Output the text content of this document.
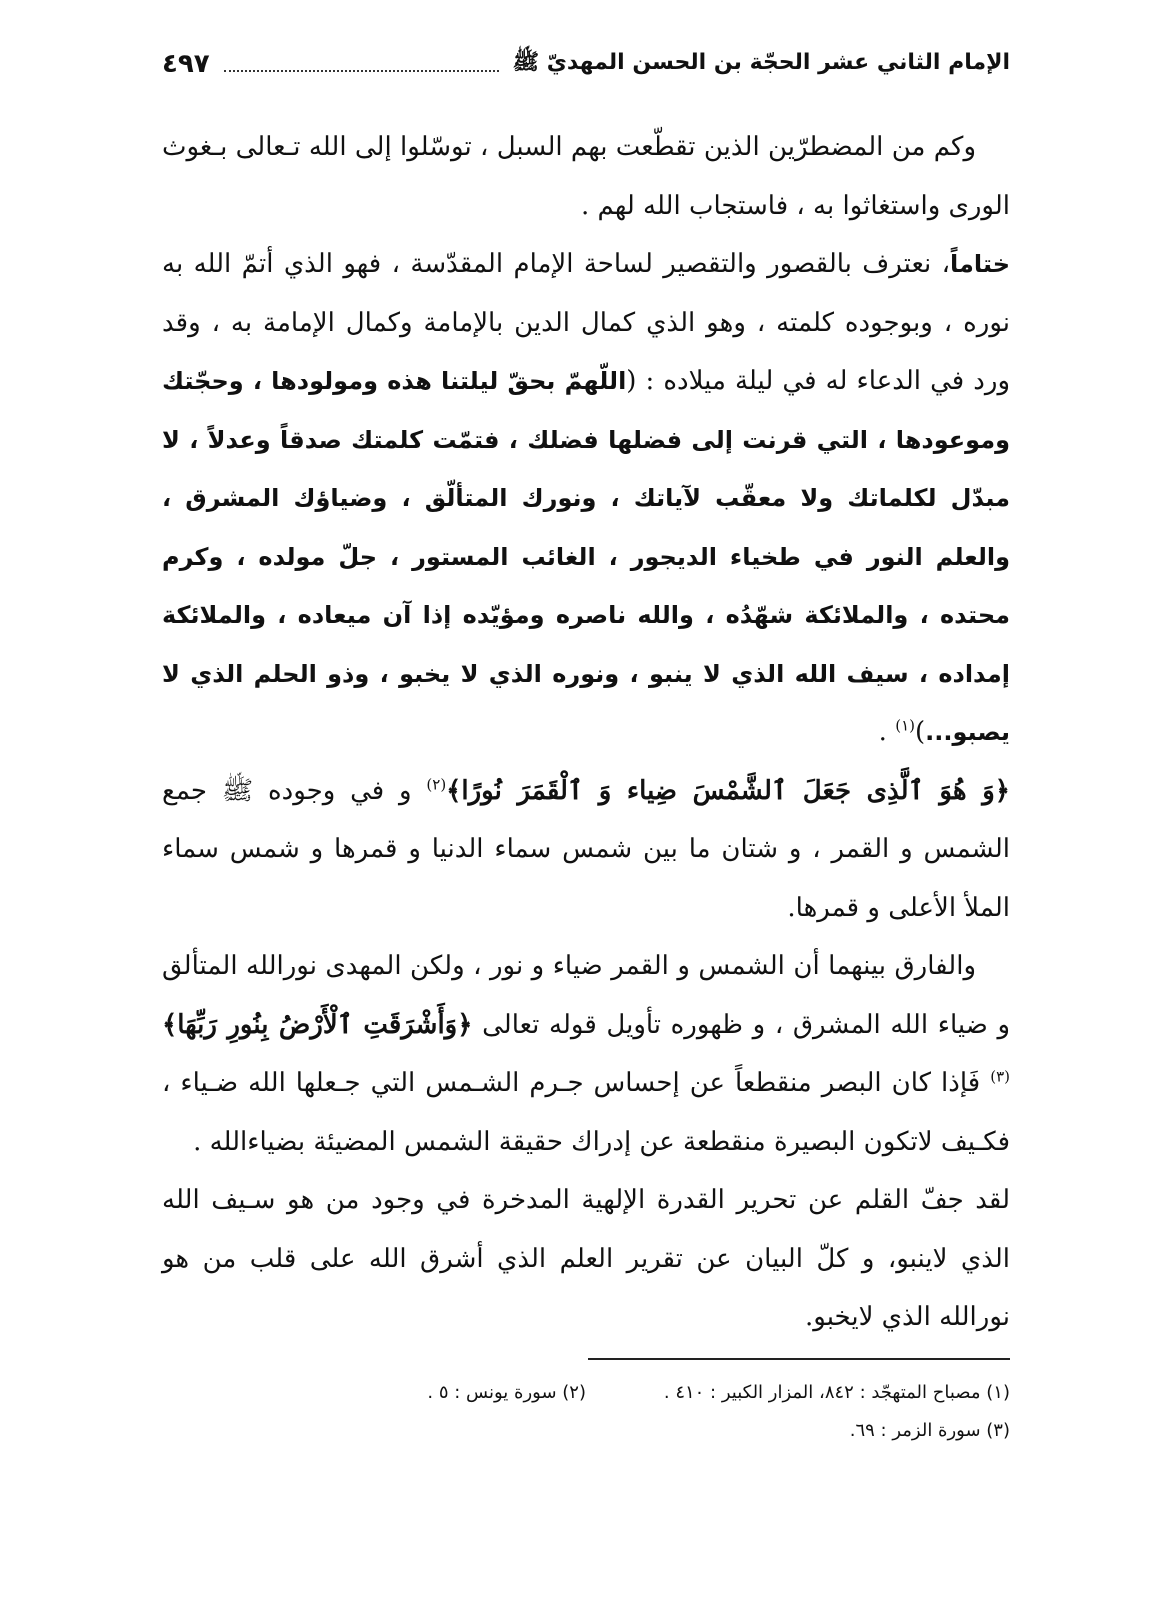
الإمام الثاني عشر الحجّة بن الحسن المهديّ ﷺ
٤٩٧

وكم من المضطرّين الذين تقطّعت بهم السبل ، توسّلوا إلى الله تـعالى بـغوث الورى واستغاثوا به ، فاستجاب الله لهم .

ختاماً، نعترف بالقصور والتقصير لساحة الإمام المقدّسة ، فهو الذي أتمّ الله به نوره ، وبوجوده كلمته ، وهو الذي كمال الدين بالإمامة وكمال الإمامة به ، وقد ورد في الدعاء له في ليلة ميلاده : (اللّهمّ بحقّ ليلتنا هذه ومولودها ، وحجّتك وموعودها ، التي قرنت إلى فضلها فضلك ، فتمّت كلمتك صدقاً وعدلاً ، لا مبدّل لكلماتك ولا معقّب لآياتك ، ونورك المتألّق ، وضياؤك المشرق ، والعلم النور في طخياء الديجور ، الغائب المستور ، جلّ مولده ، وكرم محتده ، والملائكة شهّدُه ، والله ناصره ومؤيّده إذا آن ميعاده ، والملائكة إمداده ، سيف الله الذي لا ينبو ، ونوره الذي لا يخبو ، وذو الحلم الذي لا يصبو...)$^{(١)}$ .

﴿وَ هُوَ ٱلَّذِى جَعَلَ ٱلشَّمْسَ ضِياء وَ ٱلْقَمَرَ نُورًا﴾$^{(٢)}$ و في وجوده ﷺ جمع الشمس و القمر ، و شتان ما بين شمس سماء الدنيا و قمرها و شمس سماء الملأ الأعلى و قمرها.

والفارق بينهما أن الشمس و القمر ضياء و نور ، ولكن المهدى نورالله المتألق و ضياء الله المشرق ، و ظهوره تأويل قوله تعالى ﴿وَأَشْرَقَتِ ٱلْأَرْضُ بِنُورِ رَبِّهَا﴾$^{(٣)}$ فَإذا كان البصر منقطعاً عن إحساس جـرم الشـمس التي جـعلها الله ضـياء ، فكـيف لاتكون البصيرة منقطعة عن إدراك حقيقة الشمس المضيئة بضياءالله .

لقد جفّ القلم عن تحرير القدرة الإلهية المدخرة في وجود من هو سـيف الله الذي لاينبو، و كلّ البيان عن تقرير العلم الذي أشرق الله على قلب من هو نورالله الذي لايخبو.

(١) مصباح المتهجّد : ٨٤٢، المزار الكبير : ٤١٠ .
(٢) سورة يونس : ٥ .
(٣) سورة الزمر : ٦٩.
